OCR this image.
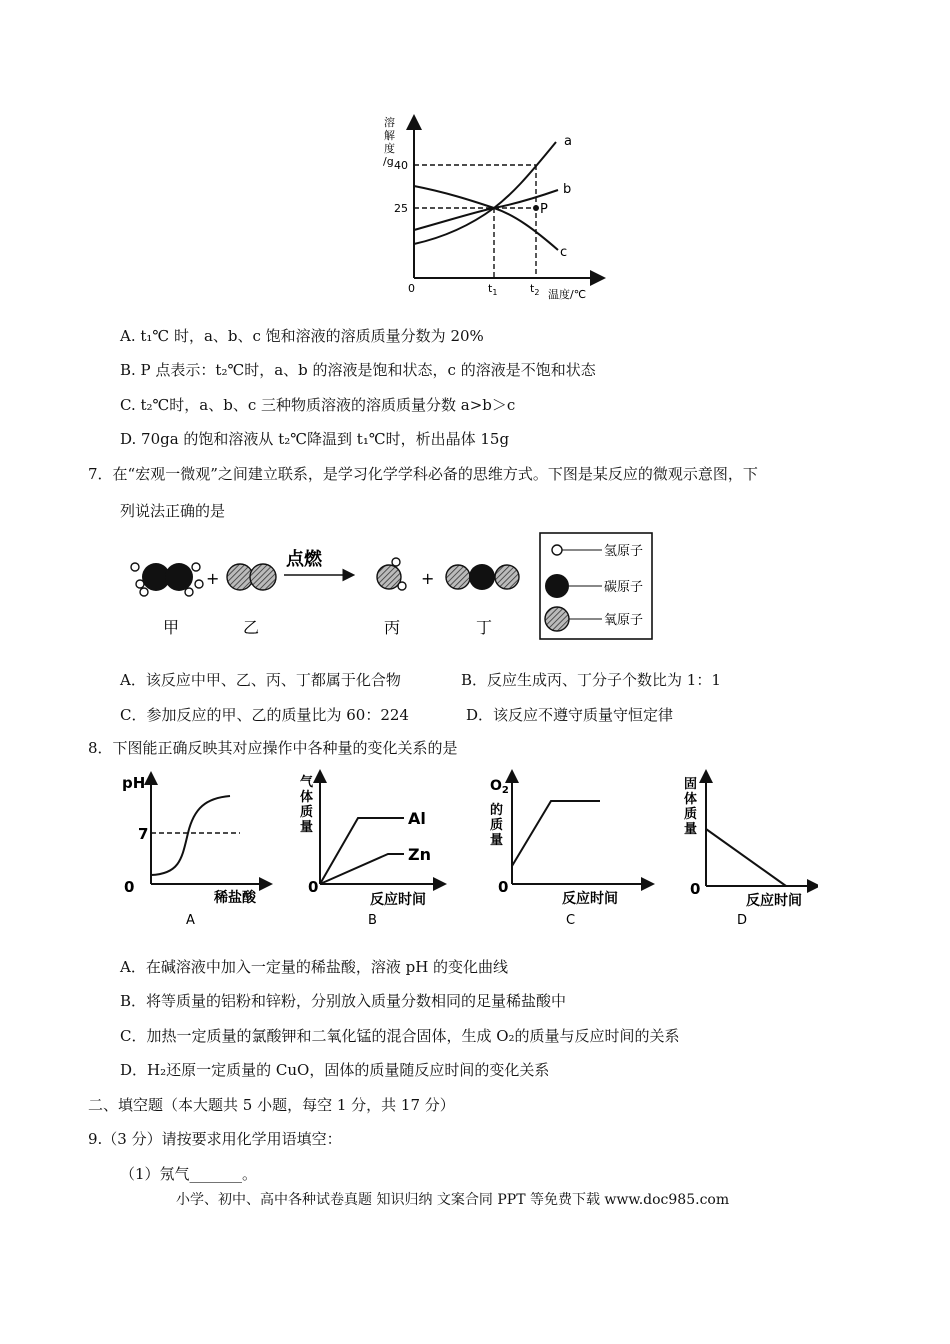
溶
解
度
/g 40
25
0
P
a
b
c
$t_1$	$t_2$ 温度/℃
A. t₁℃ 时，a、b、c 饱和溶液的溶质质量分数为 20%
B. P 点表示：t₂℃时，a、b 的溶液是饱和状态，c 的溶液是不饱和状态
C. t₂℃时，a、b、c 三种物质溶液的溶质质量分数 a>b＞c
D. 70ga 的饱和溶液从 t₂℃降温到 t₁℃时，析出晶体 15g
7．在“宏观一微观”之间建立联系，是学习化学学科必备的思维方式。下图是某反应的微观示意图，下
列说法正确的是
+
点燃
+
甲	乙	丙	丁
氢原子
碳原子
氧原子
A．该反应中甲、乙、丙、丁都属于化合物	B．反应生成丙、丁分子个数比为 1：1
C．参加反应的甲、乙的质量比为 60：224	D．该反应不遵守质量守恒定律
8．下图能正确反映其对应操作中各种量的变化关系的是
pH
7
0
稀盐酸
A
气
体
质
量
0
Al
Zn
反应时间
B
$O_2$
的
质
量
0
反应时间
C
固
体
质
量
0
反应时间
D
A．在碱溶液中加入一定量的稀盐酸，溶液 pH 的变化曲线
B．将等质量的铝粉和锌粉，分别放入质量分数相同的足量稀盐酸中
C．加热一定质量的氯酸钾和二氧化锰的混合固体，生成 O₂的质量与反应时间的关系
D．H₂还原一定质量的 CuO，固体的质量随反应时间的变化关系
二、填空题（本大题共 5 小题，每空 1 分，共 17 分）
9.（3 分）请按要求用化学用语填空：
（1）氖气_______。
小学、初中、高中各种试卷真题 知识归纳 文案合同 PPT 等免费下载 www.doc985.com
